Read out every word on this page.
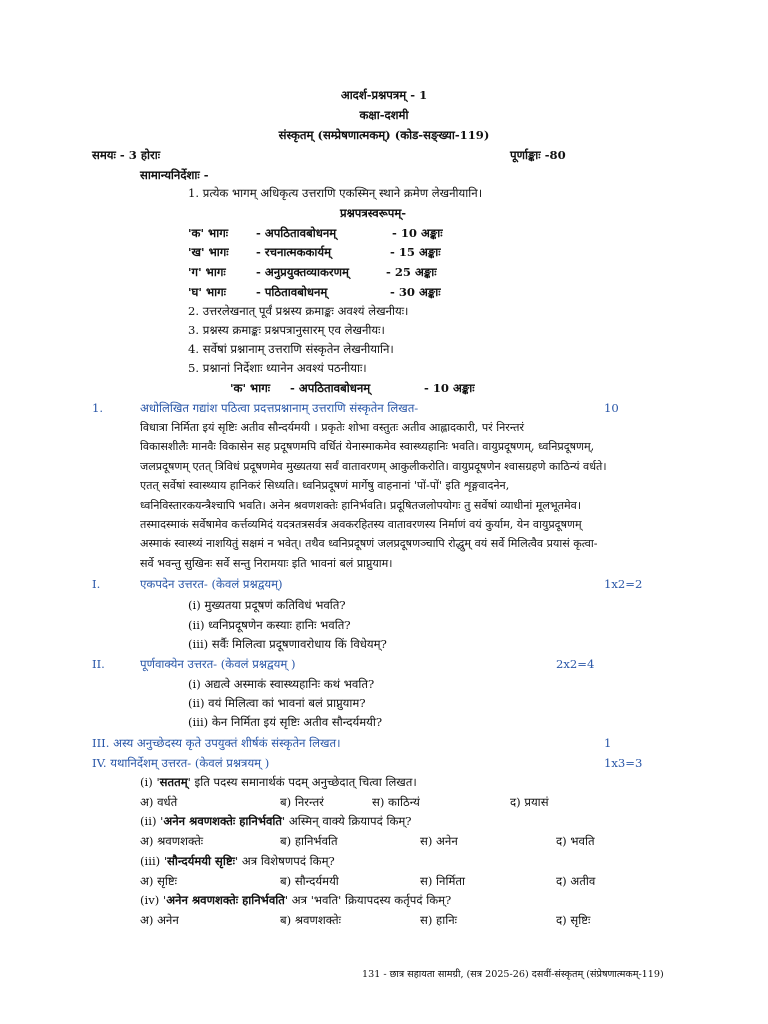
आदर्श-प्रश्नपत्रम् - 1
कक्षा-दशमी
संस्कृतम् (सम्प्रेषणात्मकम्) (कोड-सङ्ख्या-119)
समयः - 3 होराः	पूर्णाङ्काः -80
सामान्यनिर्देशाः -
1. प्रत्येक भागम् अधिकृत्य उत्तराणि एकस्मिन् स्थाने क्रमेण लेखनीयानि।
प्रश्नपत्रस्वरूपम्-
'क' भागः - अपठितावबोधनम्	- 10 अङ्काः
'ख' भागः - रचनात्मककार्यम्	- 15 अङ्काः
'ग' भागः	- अनुप्रयुक्तव्याकरणम्	- 25 अङ्काः
'घ' भागः	- पठितावबोधनम्	- 30 अङ्काः
2. उत्तरलेखनात् पूर्वं प्रश्नस्य क्रमाङ्कः अवश्यं लेखनीयः।
3. प्रश्नस्य क्रमाङ्कः प्रश्नपत्रानुसारम् एव लेखनीयः।
4. सर्वेषां प्रश्नानाम् उत्तराणि संस्कृतेन लेखनीयानि।
5. प्रश्नानां निर्देशाः ध्यानेन अवश्यं पठनीयाः।
'क' भागः - अपठितावबोधनम्	- 10 अङ्काः
1.	अधोलिखित गद्यांश पठित्वा प्रदत्तप्रश्नानाम् उत्तराणि संस्कृतेन लिखत-	10
विधात्रा निर्मिता इयं सृष्टिः अतीव सौन्दर्यमयी । प्रकृतेः शोभा वस्तुतः अतीव आह्लादकारी, परं निरन्तरं
विकासशीलैः मानवैः विकासेन सह प्रदूषणमपि वर्धितं येनास्माकमेव स्वास्थ्यहानिः भवति। वायुप्रदूषणम्, ध्वनिप्रदूषणम्,
जलप्रदूषणम् एतत् त्रिविधं प्रदूषणमेव मुख्यतया सर्वं वातावरणम् आकुलीकरोति। वायुप्रदूषणेन श्वासग्रहणे काठिन्यं वर्धते।
एतत् सर्वेषां स्वास्थ्याय हानिकरं सिध्यति। ध्वनिप्रदूषणं मार्गेषु वाहनानां 'पों-पों' इति शृङ्गवादनेन,
ध्वनिविस्तारकयन्त्रैश्चापि भवति। अनेन श्रवणशक्तेः हानिर्भवति। प्रदूषितजलोपयोगः तु सर्वेषां व्याधीनां मूलभूतमेव।
तस्मादस्माकं सर्वेषामेव कर्त्तव्यमिदं यदत्रतत्रसर्वत्र अवकरहितस्य वातावरणस्य निर्माणं वयं कुर्याम, येन वायुप्रदूषणम्
अस्माकं स्वास्थ्यं नाशयितुं सक्षमं न भवेत्। तथैव ध्वनिप्रदूषणं जलप्रदूषणञ्चापि रोद्धुम् वयं सर्वे मिलित्वैव प्रयासं कृत्वा-
सर्वे भवन्तु सुखिनः सर्वे सन्तु निरामयाः इति भावनां बलं प्राप्नुयाम।
I.	एकपदेन उत्तरत- (केवलं प्रश्नद्वयम्)	1x2=2
(i) मुख्यतया प्रदूषणं कतिविधं भवति?
(ii) ध्वनिप्रदूषणेन कस्याः हानिः भवति?
(iii) सर्वैः मिलित्वा प्रदूषणावरोधाय किं विधेयम्?
II.	पूर्णवाक्येन उत्तरत- (केवलं प्रश्नद्वयम् )	2x2=4
(i) अद्यत्वे अस्माकं स्वास्थ्यहानिः कथं भवति?
(ii) वयं मिलित्वा कां भावनां बलं प्राप्नुयाम?
(iii) केन निर्मिता इयं सृष्टिः अतीव सौन्दर्यमयी?
III. अस्य अनुच्छेदस्य कृते उपयुक्तं शीर्षकं संस्कृतेन लिखत।	1
IV. यथानिर्देशम् उत्तरत- (केवलं प्रश्नत्रयम् )	1x3=3
(i) 'सततम्' इति पदस्य समानार्थकं पदम् अनुच्छेदात् चित्वा लिखत।
अ) वर्धते	ब) निरन्तरं	स) काठिन्यं	द) प्रयासं
(ii) 'अनेन श्रवणशक्तेः हानिर्भवति' अस्मिन् वाक्ये क्रियापदं किम्?
अ) श्रवणशक्तेः	ब) हानिर्भवति	स) अनेन	द) भवति
(iii) 'सौन्दर्यमयी सृष्टिः' अत्र विशेषणपदं किम्?
अ) सृष्टिः	ब) सौन्दर्यमयी	स) निर्मिता	द) अतीव
(iv) 'अनेन श्रवणशक्तेः हानिर्भवति' अत्र 'भवति' क्रियापदस्य कर्तृपदं किम्?
अ) अनेन	ब) श्रवणशक्तेः	स) हानिः	द) सृष्टिः
131 - छात्र सहायता सामग्री, (सत्र 2025-26) दसवीं-संस्कृतम् (संप्रेषणात्मकम्-119)
